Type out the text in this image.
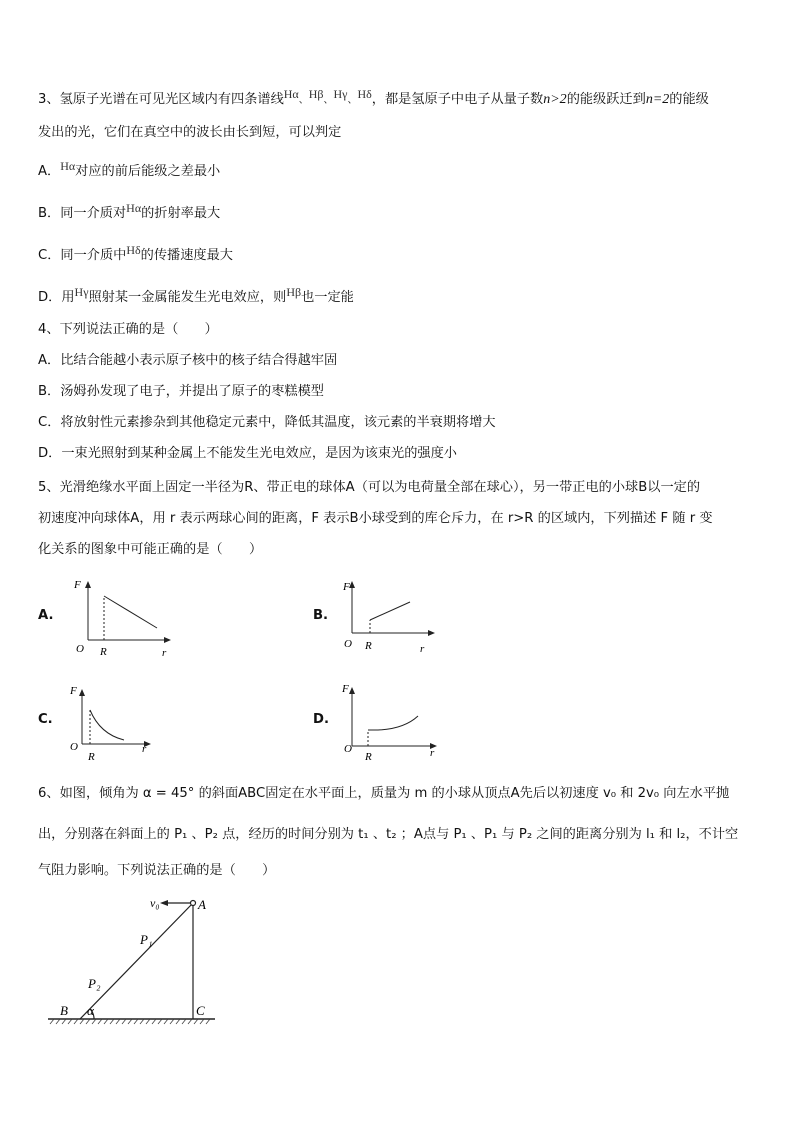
3、氢原子光谱在可见光区域内有四条谱线Hα、Hβ、Hγ、Hδ，都是氢原子中电子从量子数n>2的能级跃迁到n=2的能级
发出的光，它们在真空中的波长由长到短，可以判定
A．Hα对应的前后能级之差最小
B．同一介质对Hα的折射率最大
C．同一介质中Hδ的传播速度最大
D．用Hγ照射某一金属能发生光电效应，则Hβ也一定能
4、下列说法正确的是（　　）
A．比结合能越小表示原子核中的核子结合得越牢固
B．汤姆孙发现了电子，并提出了原子的枣糕模型
C．将放射性元素掺杂到其他稳定元素中，降低其温度，该元素的半衰期将增大
D．一束光照射到某种金属上不能发生光电效应，是因为该束光的强度小
5、光滑绝缘水平面上固定一半径为R、带正电的球体A（可以为电荷量全部在球心），另一带正电的小球B以一定的
初速度冲向球体A，用 r 表示两球心间的距离，F 表示B小球受到的库仑斥力，在 r>R 的区域内，下列描述 F 随 r 变
化关系的图象中可能正确的是（　　）
A.	B.
C.	D.
F
O R	r
F
O R	r
F
O
R
r
F
O
R	r
6、如图，倾角为 α = 45° 的斜面ABC固定在水平面上，质量为 m 的小球从顶点A先后以初速度 v₀ 和 2v₀ 向左水平抛
出，分别落在斜面上的 P₁ 、P₂ 点，经历的时间分别为 t₁ 、t₂ ；A点与 P₁ 、P₁ 与 P₂ 之间的距离分别为 l₁ 和 l₂，不计空
气阻力影响。下列说法正确的是（　　）
v₀	A
P₁
P₂
B α	C
